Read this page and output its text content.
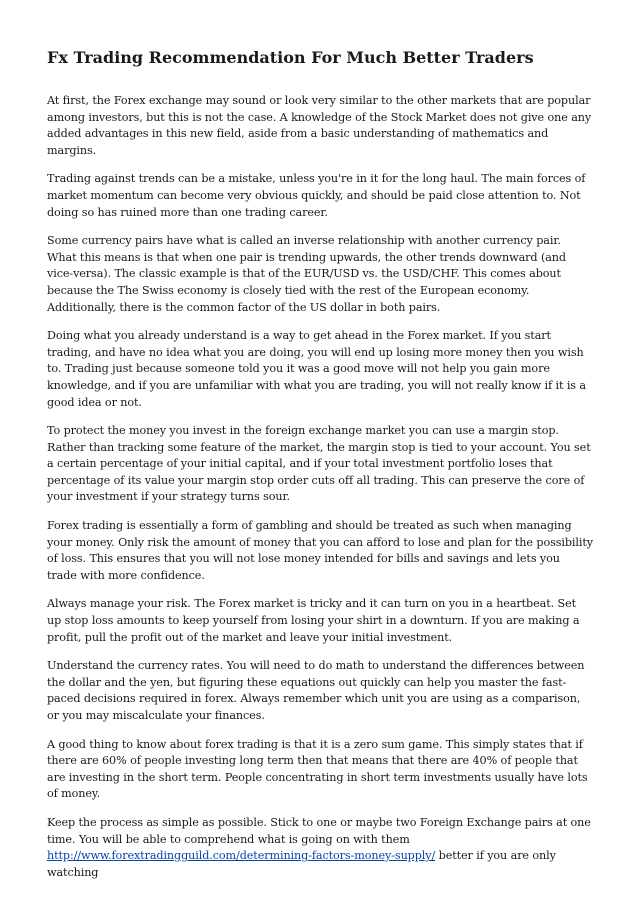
Fx Trading Recommendation For Much Better Traders

At first, the Forex exchange may sound or look very similar to the other markets that are popular among investors, but this is not the case. A knowledge of the Stock Market does not give one any added advantages in this new field, aside from a basic understanding of mathematics and margins.

Trading against trends can be a mistake, unless you're in it for the long haul. The main forces of market momentum can become very obvious quickly, and should be paid close attention to. Not doing so has ruined more than one trading career.

Some currency pairs have what is called an inverse relationship with another currency pair. What this means is that when one pair is trending upwards, the other trends downward (and vice-versa). The classic example is that of the EUR/USD vs. the USD/CHF. This comes about because the The Swiss economy is closely tied with the rest of the European economy. Additionally, there is the common factor of the US dollar in both pairs.

Doing what you already understand is a way to get ahead in the Forex market. If you start trading, and have no idea what you are doing, you will end up losing more money then you wish to. Trading just because someone told you it was a good move will not help you gain more knowledge, and if you are unfamiliar with what you are trading, you will not really know if it is a good idea or not.

To protect the money you invest in the foreign exchange market you can use a margin stop. Rather than tracking some feature of the market, the margin stop is tied to your account. You set a certain percentage of your initial capital, and if your total investment portfolio loses that percentage of its value your margin stop order cuts off all trading. This can preserve the core of your investment if your strategy turns sour.

Forex trading is essentially a form of gambling and should be treated as such when managing your money. Only risk the amount of money that you can afford to lose and plan for the possibility of loss. This ensures that you will not lose money intended for bills and savings and lets you trade with more confidence.

Always manage your risk. The Forex market is tricky and it can turn on you in a heartbeat. Set up stop loss amounts to keep yourself from losing your shirt in a downturn. If you are making a profit, pull the profit out of the market and leave your initial investment.

Understand the currency rates. You will need to do math to understand the differences between the dollar and the yen, but figuring these equations out quickly can help you master the fast-paced decisions required in forex. Always remember which unit you are using as a comparison, or you may miscalculate your finances.

A good thing to know about forex trading is that it is a zero sum game. This simply states that if there are 60% of people investing long term then that means that there are 40% of people that are investing in the short term. People concentrating in short term investments usually have lots of money.

Keep the process as simple as possible. Stick to one or maybe two Foreign Exchange pairs at one time. You will be able to comprehend what is going on with them http://www.forextradingguild.com/determining-factors-money-supply/ better if you are only watching
